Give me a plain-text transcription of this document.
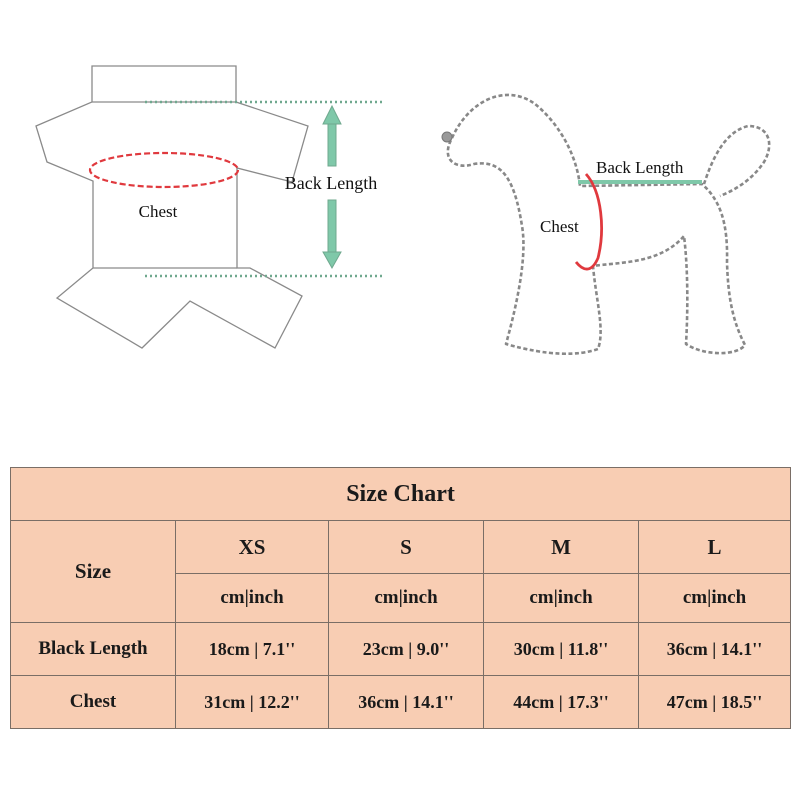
Chest
Back Length
Back Length
Chest
Size Chart				
Size	XS	S	M	L
	cm|inch	cm|inch	cm|inch	cm|inch
Black Length	18cm | 7.1''	23cm | 9.0''	30cm | 11.8''	36cm | 14.1''
Chest	31cm | 12.2''	36cm | 14.1''	44cm | 17.3''	47cm | 18.5''
